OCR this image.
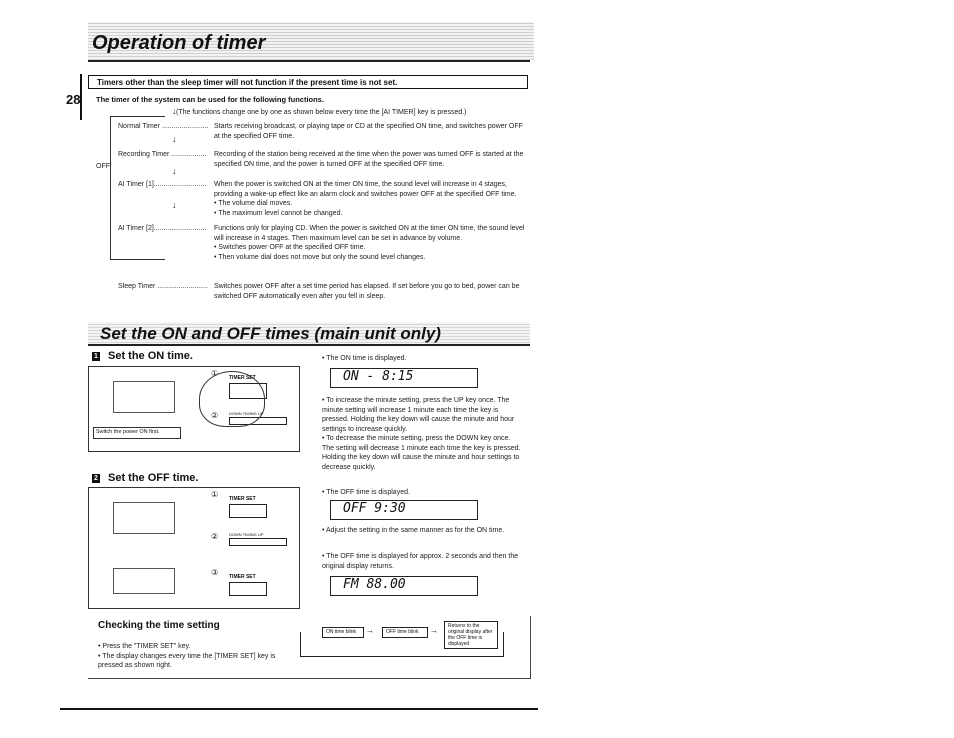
Operation of timer
28
Timers other than the sleep timer will not function if the present time is not set.
The timer of the system can be used for the following functions.
(The functions change one by one as shown below every time the [AI TIMER] key is pressed.)
↓
↓
↓
↓
OFF
Normal Timer ........................ Starts receiving broadcast, or playing tape or CD at the specified ON time, and switches power OFF at the specified OFF time.
Recording Timer ..................	Recording of the station being received at the time when the power was turned OFF is started at the specified ON time, and the power is turned OFF at the specified OFF time.
AI Timer [1]...........................	When the power is switched ON at the timer ON time, the sound level will increase in 4 stages, providing a wake-up effect like an alarm clock and switches power OFF at the specified OFF time.
• The volume dial moves.
• The maximum level cannot be changed.
AI Timer [2]...........................	Functions only for playing CD. When the power is switched ON at the timer ON time, the sound level will increase in 4 stages. Then maximum level can be set in advance by volume.
• Switches power OFF at the specified OFF time.
• Then volume dial does not move but only the sound level changes.
Sleep Timer .......................... Switches power OFF after a set time period has elapsed. If set before you go to bed, power can be switched OFF automatically even after you fell in sleep.
Set the ON and OFF times (main unit only)
1 Set the ON time.
Switch the power ON first.
① TIMER SET
②	DOWN TIMING UP
• The ON time is displayed.
ON - 8:15
• To increase the minute setting, press the UP key once. The minute setting will increase 1 minute each time the key is pressed. Holding the key down will cause the minute and hour settings to increase quickly.
• To decrease the minute setting, press the DOWN key once. The setting will decrease 1 minute each time the key is pressed. Holding the key down will cause the minute and hour settings to decrease quickly.
2 Set the OFF time.
① TIMER SET
②	DOWN TIMING UP
③ TIMER SET
• The OFF time is displayed.
OFF 9:30
• Adjust the setting in the same manner as for the ON time.
• The OFF time is displayed for approx. 2 seconds and then the original display returns.
FM 88.00
Checking the time setting
• Press the "TIMER SET" key.
• The display changes every time the [TIMER SET] key is pressed as shown right.
ON time blink	→	OFF time blink	→	Returns to the original display after the OFF time is displayed
